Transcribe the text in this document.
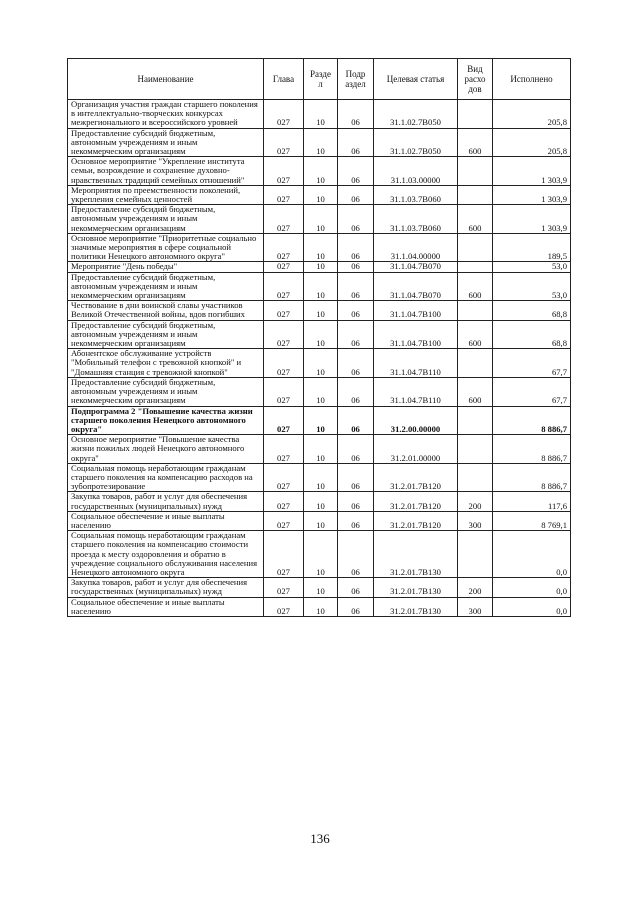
Наименование	Глава	Разде л	Подр аздел	Целевая статья	Вид расхо дов	Исполнено
Организация участия граждан старшего поколения в интеллектуально-творческих конкурсах межрегионального и всероссийского уровней	027	10	06	31.1.02.7В050		205,8
Предоставление субсидий бюджетным, автономным учреждениям и иным некоммерческим организациям	027	10	06	31.1.02.7В050	600	205,8
Основное мероприятие "Укрепление института семьи, возрождение и сохранение духовно-нравственных традиций семейных отношений"	027	10	06	31.1.03.00000		1 303,9
Мероприятия по преемственности поколений, укрепления семейных ценностей	027	10	06	31.1.03.7В060		1 303,9
Предоставление субсидий бюджетным, автономным учреждениям и иным некоммерческим организациям	027	10	06	31.1.03.7В060	600	1 303,9
Основное мероприятие "Приоритетные социально значимые мероприятия в сфере социальной политики Ненецкого автономного округа"	027	10	06	31.1.04.00000		189,5
Мероприятие "День победы"	027	10	06	31.1.04.7В070		53,0
Предоставление субсидий бюджетным, автономным учреждениям и иным некоммерческим организациям	027	10	06	31.1.04.7В070	600	53,0
Чествование в дни воинской славы участников Великой Отечественной войны, вдов погибших	027	10	06	31.1.04.7В100		68,8
Предоставление субсидий бюджетным, автономным учреждениям и иным некоммерческим организациям	027	10	06	31.1.04.7В100	600	68,8
Абонентское обслуживание устройств "Мобильный телефон с тревожной кнопкой" и "Домашняя станция с тревожной кнопкой"	027	10	06	31.1.04.7В110		67,7
Предоставление субсидий бюджетным, автономным учреждениям и иным некоммерческим организациям	027	10	06	31.1.04.7В110	600	67,7
Подпрограмма 2 "Повышение качества жизни старшего поколения Ненецкого автономного округа"	027	10	06	31.2.00.00000		8 886,7
Основное мероприятие "Повышение качества жизни пожилых людей Ненецкого автономного округа"	027	10	06	31.2.01.00000		8 886,7
Социальная помощь неработающим гражданам старшего поколения на компенсацию расходов на зубопротезирование	027	10	06	31.2.01.7В120		8 886,7
Закупка товаров, работ и услуг для обеспечения государственных (муниципальных) нужд	027	10	06	31.2.01.7В120	200	117,6
Социальное обеспечение и иные выплаты населению	027	10	06	31.2.01.7В120	300	8 769,1
Социальная помощь неработающим гражданам старшего поколения на компенсацию стоимости проезда к месту оздоровления и обратно в учреждение социального обслуживания населения Ненецкого автономного округа	027	10	06	31.2.01.7В130		0,0
Закупка товаров, работ и услуг для обеспечения государственных (муниципальных) нужд	027	10	06	31.2.01.7В130	200	0,0
Социальное обеспечение и иные выплаты населению	027	10	06	31.2.01.7В130	300	0,0
136
